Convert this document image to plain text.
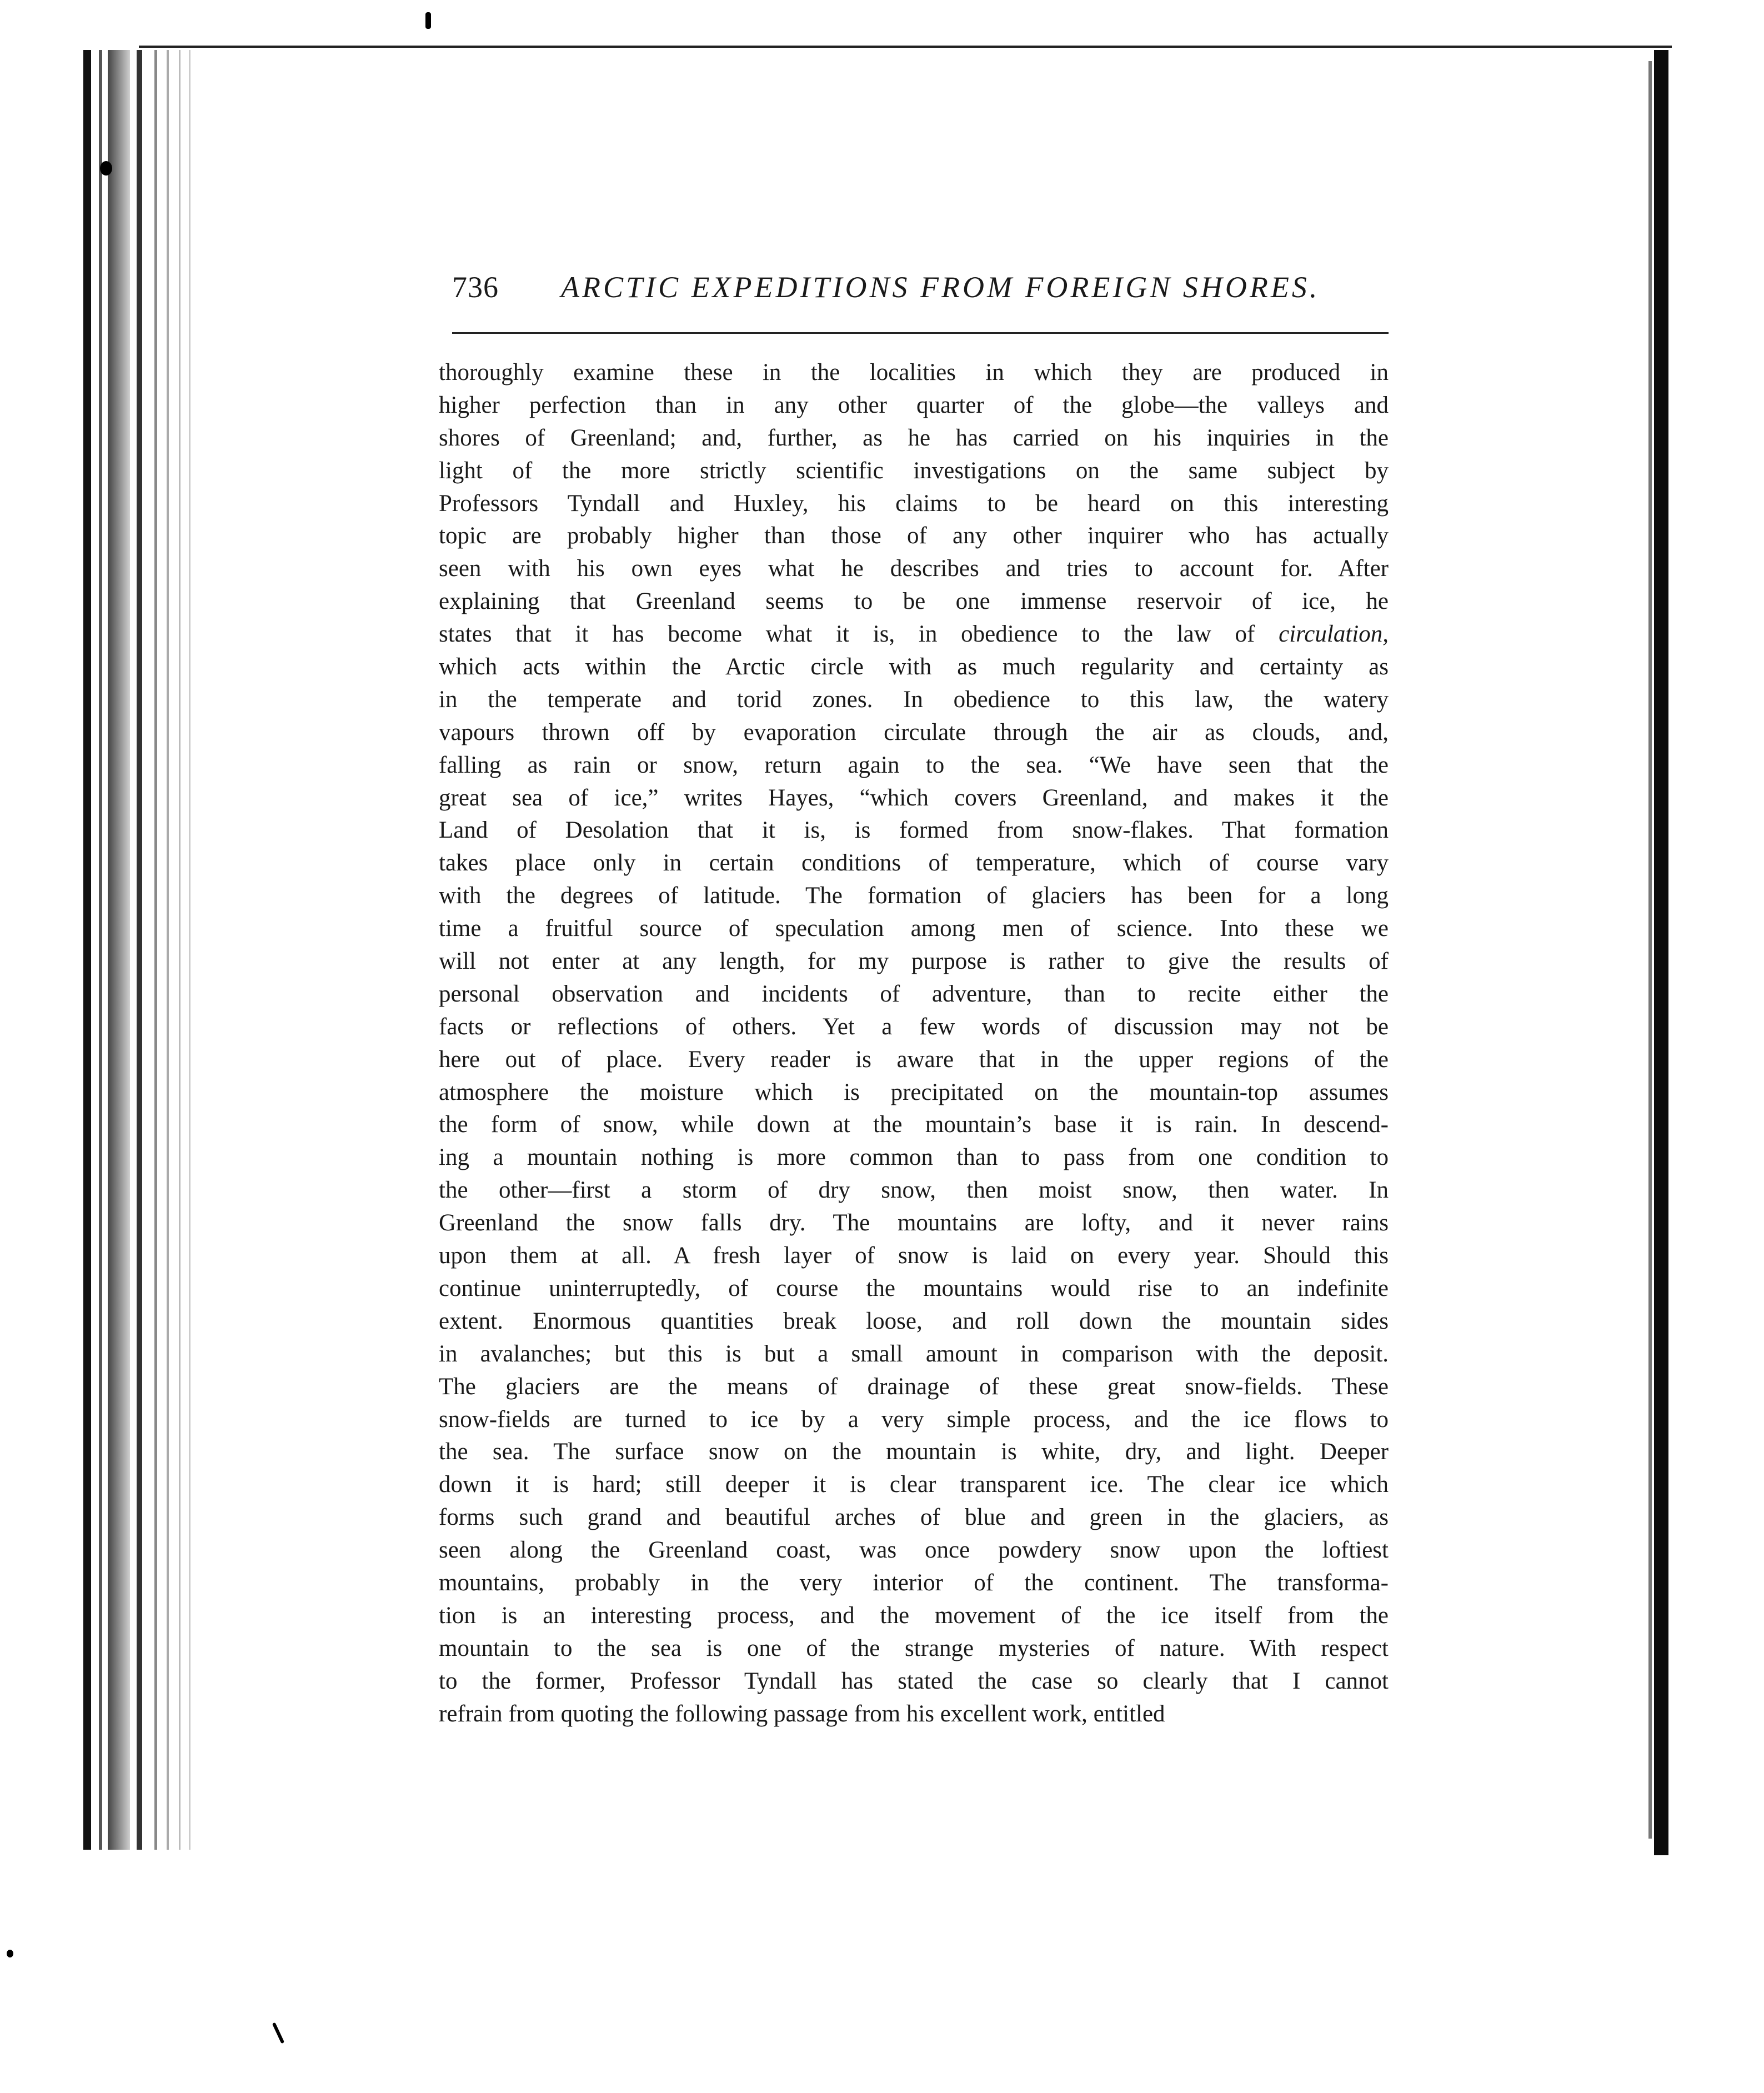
736 ARCTIC EXPEDITIONS FROM FOREIGN SHORES.
thoroughly examine these in the localities in which they are produced in
higher perfection than in any other quarter of the globe—the valleys and
shores of Greenland; and, further, as he has carried on his inquiries in the
light of the more strictly scientific investigations on the same subject by
Professors Tyndall and Huxley, his claims to be heard on this interesting
topic are probably higher than those of any other inquirer who has actually
seen with his own eyes what he describes and tries to account for. After
explaining that Greenland seems to be one immense reservoir of ice, he
states that it has become what it is, in obedience to the law of circulation,
which acts within the Arctic circle with as much regularity and certainty as
in the temperate and torid zones. In obedience to this law, the watery
vapours thrown off by evaporation circulate through the air as clouds, and,
falling as rain or snow, return again to the sea. “We have seen that the
great sea of ice,” writes Hayes, “which covers Greenland, and makes it the
Land of Desolation that it is, is formed from snow-flakes. That formation
takes place only in certain conditions of temperature, which of course vary
with the degrees of latitude. The formation of glaciers has been for a long
time a fruitful source of speculation among men of science. Into these we
will not enter at any length, for my purpose is rather to give the results of
personal observation and incidents of adventure, than to recite either the
facts or reflections of others. Yet a few words of discussion may not be
here out of place. Every reader is aware that in the upper regions of the
atmosphere the moisture which is precipitated on the mountain-top assumes
the form of snow, while down at the mountain’s base it is rain. In descend-
ing a mountain nothing is more common than to pass from one condition to
the other—first a storm of dry snow, then moist snow, then water. In
Greenland the snow falls dry. The mountains are lofty, and it never rains
upon them at all. A fresh layer of snow is laid on every year. Should this
continue uninterruptedly, of course the mountains would rise to an indefinite
extent. Enormous quantities break loose, and roll down the mountain sides
in avalanches; but this is but a small amount in comparison with the deposit.
The glaciers are the means of drainage of these great snow-fields. These
snow-fields are turned to ice by a very simple process, and the ice flows to
the sea. The surface snow on the mountain is white, dry, and light. Deeper
down it is hard; still deeper it is clear transparent ice. The clear ice which
forms such grand and beautiful arches of blue and green in the glaciers, as
seen along the Greenland coast, was once powdery snow upon the loftiest
mountains, probably in the very interior of the continent. The transforma-
tion is an interesting process, and the movement of the ice itself from the
mountain to the sea is one of the strange mysteries of nature. With respect
to the former, Professor Tyndall has stated the case so clearly that I cannot
refrain from quoting the following passage from his excellent work, entitled
